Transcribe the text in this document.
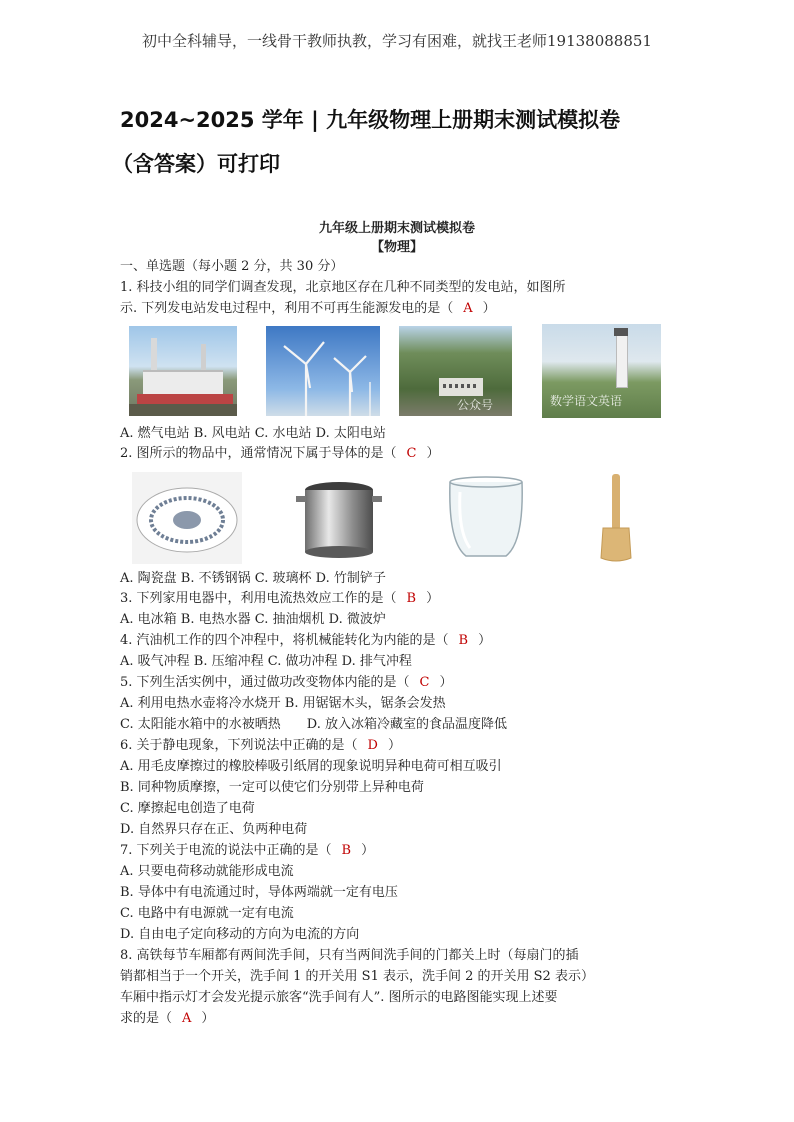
初中全科辅导，一线骨干教师执教，学习有困难，就找王老师19138088851
2024~2025 学年 | 九年级物理上册期末测试模拟卷
（含答案）可打印
九年级上册期末测试模拟卷
【物理】
一、单选题（每小题 2 分，共 30 分）
1. 科技小组的同学们调查发现，北京地区存在几种不同类型的发电站，如图所
示. 下列发电站发电过程中，利用不可再生能源发电的是（ A ）
公众号	数学语文英语
A. 燃气电站 B. 风电站 C. 水电站 D. 太阳电站
2. 图所示的物品中，通常情况下属于导体的是（ C ）
A. 陶瓷盘 B. 不锈钢锅 C. 玻璃杯 D. 竹制铲子
3. 下列家用电器中，利用电流热效应工作的是（ B ）
A. 电冰箱 B. 电热水器 C. 抽油烟机 D. 微波炉
4. 汽油机工作的四个冲程中，将机械能转化为内能的是（ B ）
A. 吸气冲程 B. 压缩冲程 C. 做功冲程 D. 排气冲程
5. 下列生活实例中，通过做功改变物体内能的是（ C ）
A. 利用电热水壶将冷水烧开 B. 用锯锯木头，锯条会发热
C. 太阳能水箱中的水被晒热　　D. 放入冰箱冷藏室的食品温度降低
6. 关于静电现象，下列说法中正确的是（ D ）
A. 用毛皮摩擦过的橡胶棒吸引纸屑的现象说明异种电荷可相互吸引
B. 同种物质摩擦，一定可以使它们分别带上异种电荷
C. 摩擦起电创造了电荷
D. 自然界只存在正、负两种电荷
7. 下列关于电流的说法中正确的是（ B ）
A. 只要电荷移动就能形成电流
B. 导体中有电流通过时，导体两端就一定有电压
C. 电路中有电源就一定有电流
D. 自由电子定向移动的方向为电流的方向
8. 高铁每节车厢都有两间洗手间，只有当两间洗手间的门都关上时（每扇门的插
销都相当于一个开关，洗手间 1 的开关用 S1 表示，洗手间 2 的开关用 S2 表示）
车厢中指示灯才会发光提示旅客“洗手间有人”. 图所示的电路图能实现上述要
求的是（ A ）
